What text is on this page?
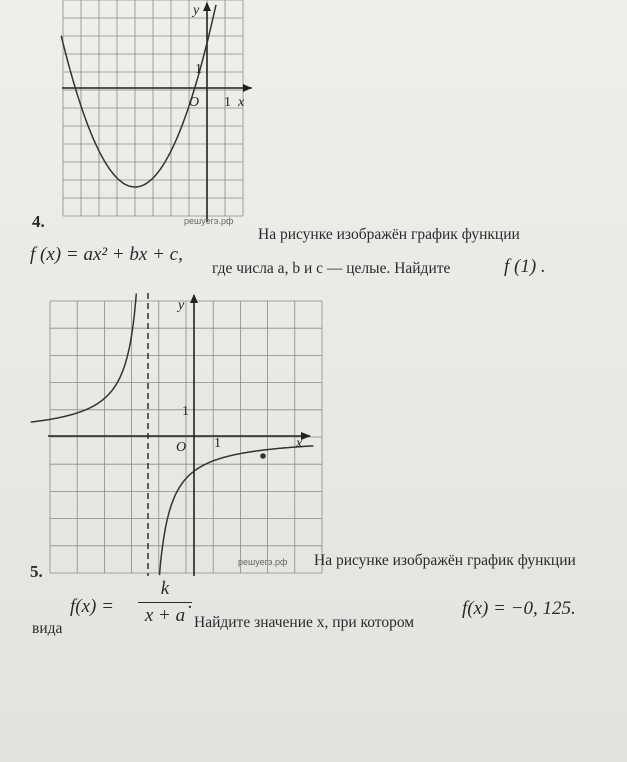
y
x
1
1
O
решуегэ.рф
4.
На рисунке изображён график функции
f (x) = ax² + bx + c,
где числа a, b и c — целые. Найдите	f (1) .
y
x
1
1
O
решуегэ.рф
5.
На рисунке изображён график функции
f(x) =
k
x + a
.
вида	Найдите значение x, при котором
f(x) = −0, 125.
